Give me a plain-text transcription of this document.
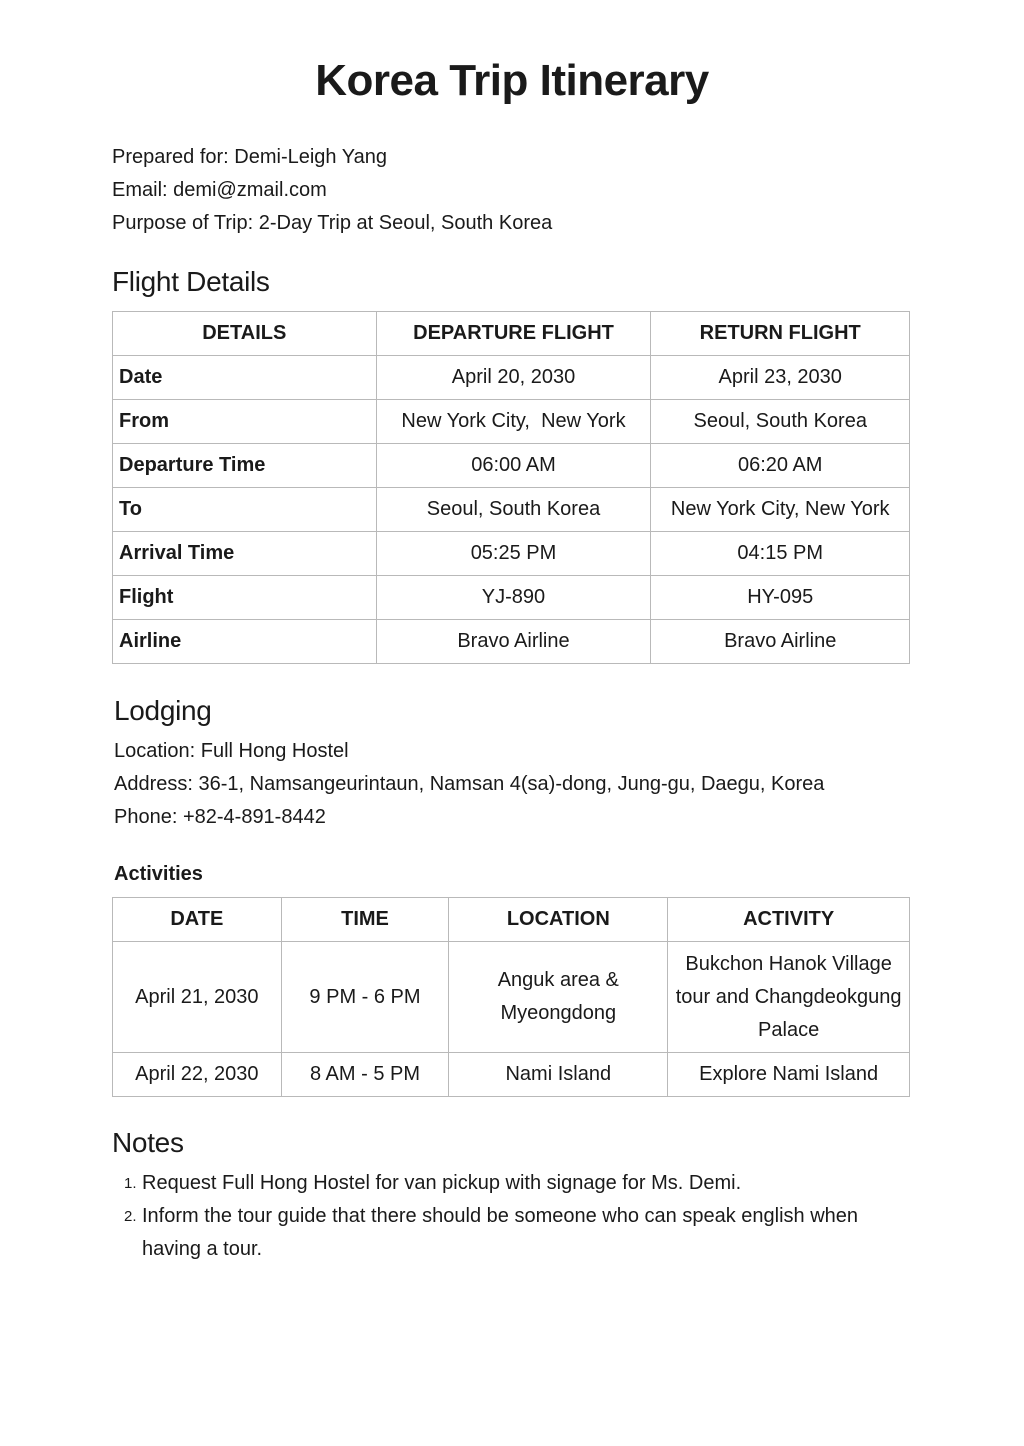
Korea Trip Itinerary

Prepared for: Demi-Leigh Yang

Email: demi@zmail.com

Purpose of Trip: 2-Day Trip at Seoul, South Korea

Flight Details
DETAILS	DEPARTURE FLIGHT	RETURN FLIGHT
Date	April 20, 2030	April 23, 2030
From	New York City,  New York	Seoul, South Korea
Departure Time	06:00 AM	06:20 AM
To	Seoul, South Korea	New York City, New York
Arrival Time	05:25 PM	04:15 PM
Flight	YJ-890	HY-095
Airline	Bravo Airline	Bravo Airline
Lodging

Location: Full Hong Hostel

Address: 36-1, Namsangeurintaun, Namsan 4(sa)-dong, Jung-gu, Daegu, Korea

Phone: +82-4-891-8442

Activities
DATE	TIME	LOCATION	ACTIVITY
April 21, 2030	9 PM - 6 PM	Anguk area & Myeongdong	Bukchon Hanok Village tour and Changdeokgung Palace
April 22, 2030	8 AM - 5 PM	Nami Island	Explore Nami Island
Notes
1. Request Full Hong Hostel for van pickup with signage for Ms. Demi.
2. Inform the tour guide that there should be someone who can speak english when having a tour.
